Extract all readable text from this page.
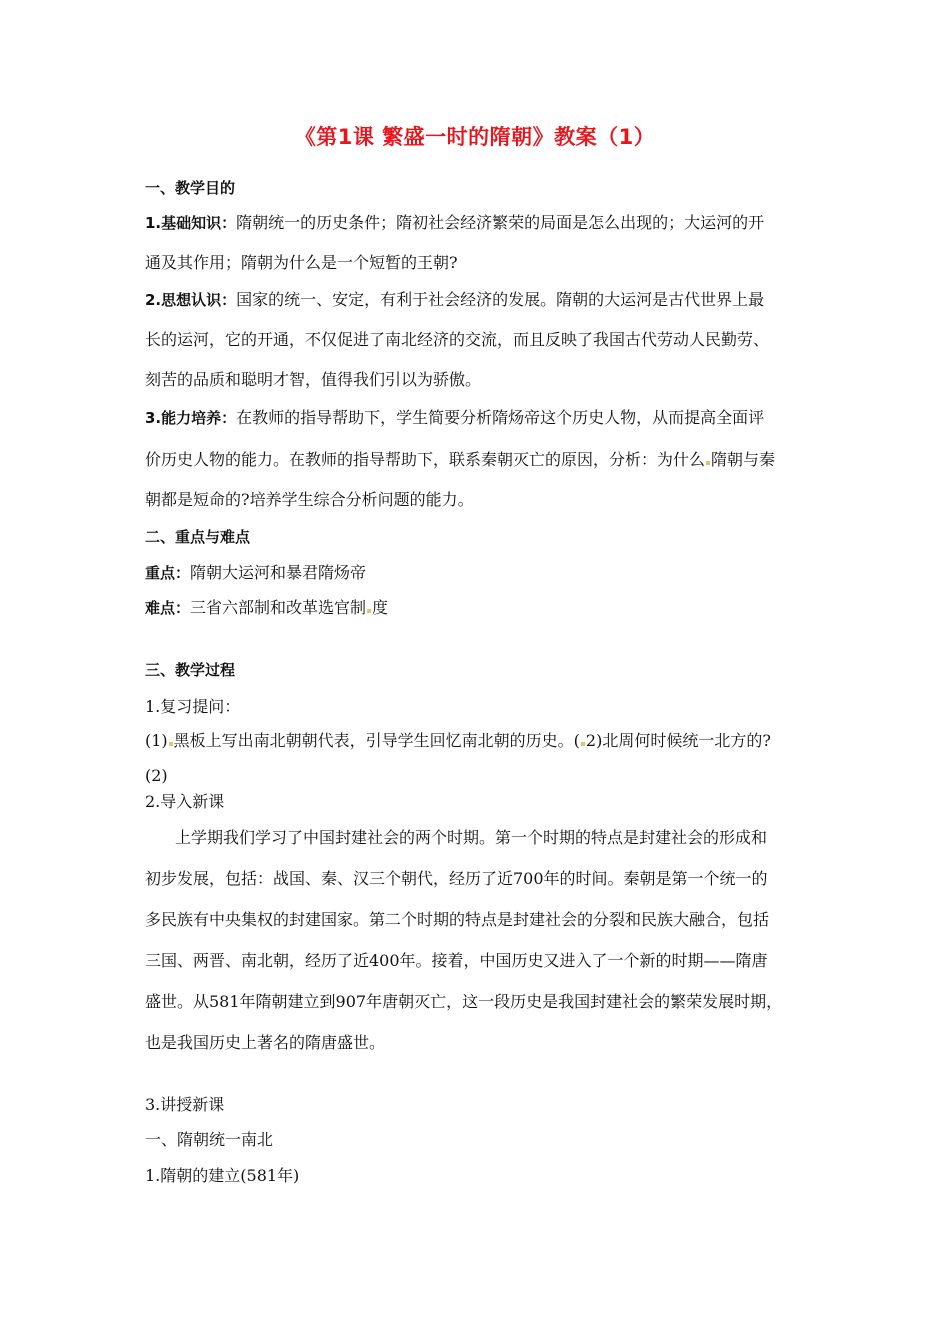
《第1课 繁盛一时的隋朝》教案（1）
一、教学目的
1.基础知识：隋朝统一的历史条件；隋初社会经济繁荣的局面是怎么出现的；大运河的开
通及其作用；隋朝为什么是一个短暂的王朝?
2.思想认识：国家的统一、安定，有利于社会经济的发展。隋朝的大运河是古代世界上最
长的运河，它的开通，不仅促进了南北经济的交流，而且反映了我国古代劳动人民勤劳、
刻苦的品质和聪明才智，值得我们引以为骄傲。
3.能力培养：在教师的指导帮助下，学生简要分析隋炀帝这个历史人物，从而提高全面评
价历史人物的能力。在教师的指导帮助下，联系秦朝灭亡的原因，分析：为什么 隋朝与秦
朝都是短命的?培养学生综合分析问题的能力。
二、重点与难点
重点：隋朝大运河和暴君隋炀帝
难点：三省六部制和改革选官制 度
三、教学过程
1.复习提问：
(1) 黑板上写出南北朝朝代表，引导学生回忆南北朝的历史。( 2)北周何时候统一北方的?
(2)
2.导入新课
上学期我们学习了中国封建社会的两个时期。第一个时期的特点是封建社会的形成和
初步发展，包括：战国、秦、汉三个朝代，经历了近700年的时间。秦朝是第一个统一的
多民族有中央集权的封建国家。第二个时期的特点是封建社会的分裂和民族大融合，包括
三国、两晋、南北朝，经历了近400年。接着，中国历史又进入了一个新的时期——隋唐
盛世。从581年隋朝建立到907年唐朝灭亡，这一段历史是我国封建社会的繁荣发展时期，
也是我国历史上著名的隋唐盛世。
3.讲授新课
一、隋朝统一南北
1.隋朝的建立(581年)
